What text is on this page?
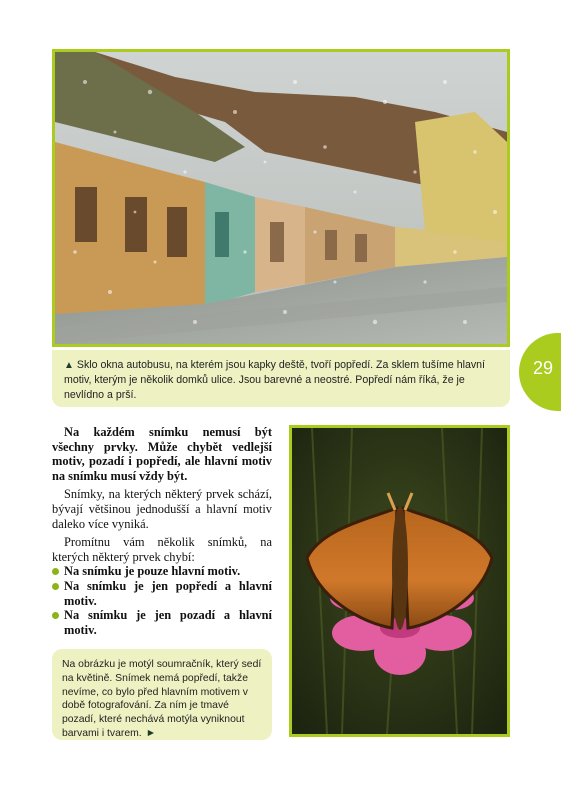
▲ Sklo okna autobusu, na kterém jsou kapky deště, tvoří popředí. Za sklem tušíme hlavní motiv, kterým je několik domků ulice. Jsou barevné a neostré. Popředí nám říká, že je nevlídno a prší.
29

Na každém snímku nemusí být všechny prvky. Může chybět vedlejší motiv, pozadí i popředí, ale hlavní motiv na snímku musí vždy být.

Snímky, na kterých některý prvek schází, bývají většinou jednodušší a hlavní motiv daleko více vyniká.

Promítnu vám několik snímků, na kterých některý prvek chybí:

Na snímku je pouze hlavní motiv.
Na snímku je jen popředí a hlavní motiv.
Na snímku je jen pozadí a hlavní motiv.
Na obrázku je motýl soumračník, který sedí na květině. Snímek nemá popředí, takže nevíme, co bylo před hlavním motivem v době fotografování. Za ním je tmavé pozadí, které nechává motýla vyniknout barvami i tvarem. ►
